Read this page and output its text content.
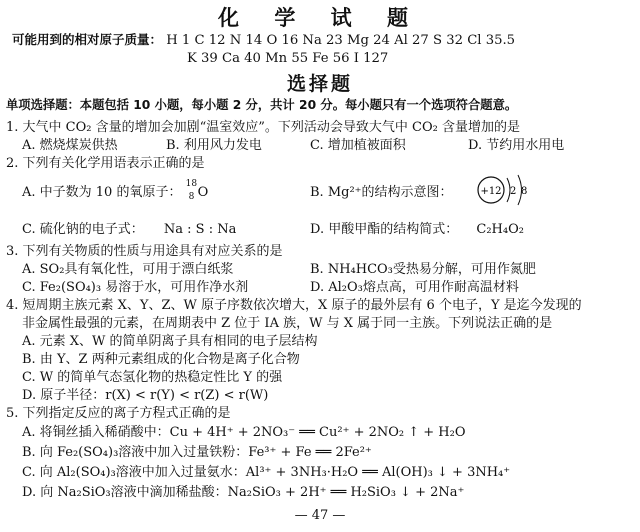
化 学 试 题
可能用到的相对原子质量： H 1 C 12 N 14 O 16 Na 23 Mg 24 Al 27 S 32 Cl 35.5
K 39 Ca 40 Mn 55 Fe 56 I 127
选择题
单项选择题：本题包括 10 小题，每小题 2 分，共计 20 分。每小题只有一个选项符合题意。
1. 大气中 CO₂ 含量的增加会加剧“温室效应”。下列活动会导致大气中 CO₂ 含量增加的是
A. 燃烧煤炭供热	B. 利用风力发电	C. 增加植被面积	D. 节约用水用电
2. 下列有关化学用语表示正确的是
A. 中子数为 10 的氧原子：
18
8 O	B. Mg²⁺的结构示意图：	+12 2 8
C. 硫化钠的电子式： Na : S : Na	D. 甲酸甲酯的结构简式： C₂H₄O₂
3. 下列有关物质的性质与用途具有对应关系的是
A. SO₂具有氧化性，可用于漂白纸浆	B. NH₄HCO₃受热易分解，可用作氮肥
C. Fe₂(SO₄)₃ 易溶于水，可用作净水剂	D. Al₂O₃熔点高，可用作耐高温材料
4. 短周期主族元素 X、Y、Z、W 原子序数依次增大，X 原子的最外层有 6 个电子，Y 是迄今发现的
非金属性最强的元素，在周期表中 Z 位于 IA 族，W 与 X 属于同一主族。下列说法正确的是
A. 元素 X、W 的简单阴离子具有相同的电子层结构
B. 由 Y、Z 两种元素组成的化合物是离子化合物
C. W 的简单气态氢化物的热稳定性比 Y 的强
D. 原子半径：r(X) < r(Y) < r(Z) < r(W)
5. 下列指定反应的离子方程式正确的是
A. 将铜丝插入稀硝酸中：Cu + 4H⁺ + 2NO₃⁻ ══ Cu²⁺ + 2NO₂ ↑ + H₂O
B. 向 Fe₂(SO₄)₃溶液中加入过量铁粉：Fe³⁺ + Fe ══ 2Fe²⁺
C. 向 Al₂(SO₄)₃溶液中加入过量氨水：Al³⁺ + 3NH₃·H₂O ══ Al(OH)₃ ↓ + 3NH₄⁺
D. 向 Na₂SiO₃溶液中滴加稀盐酸：Na₂SiO₃ + 2H⁺ ══ H₂SiO₃ ↓ + 2Na⁺
— 47 —
